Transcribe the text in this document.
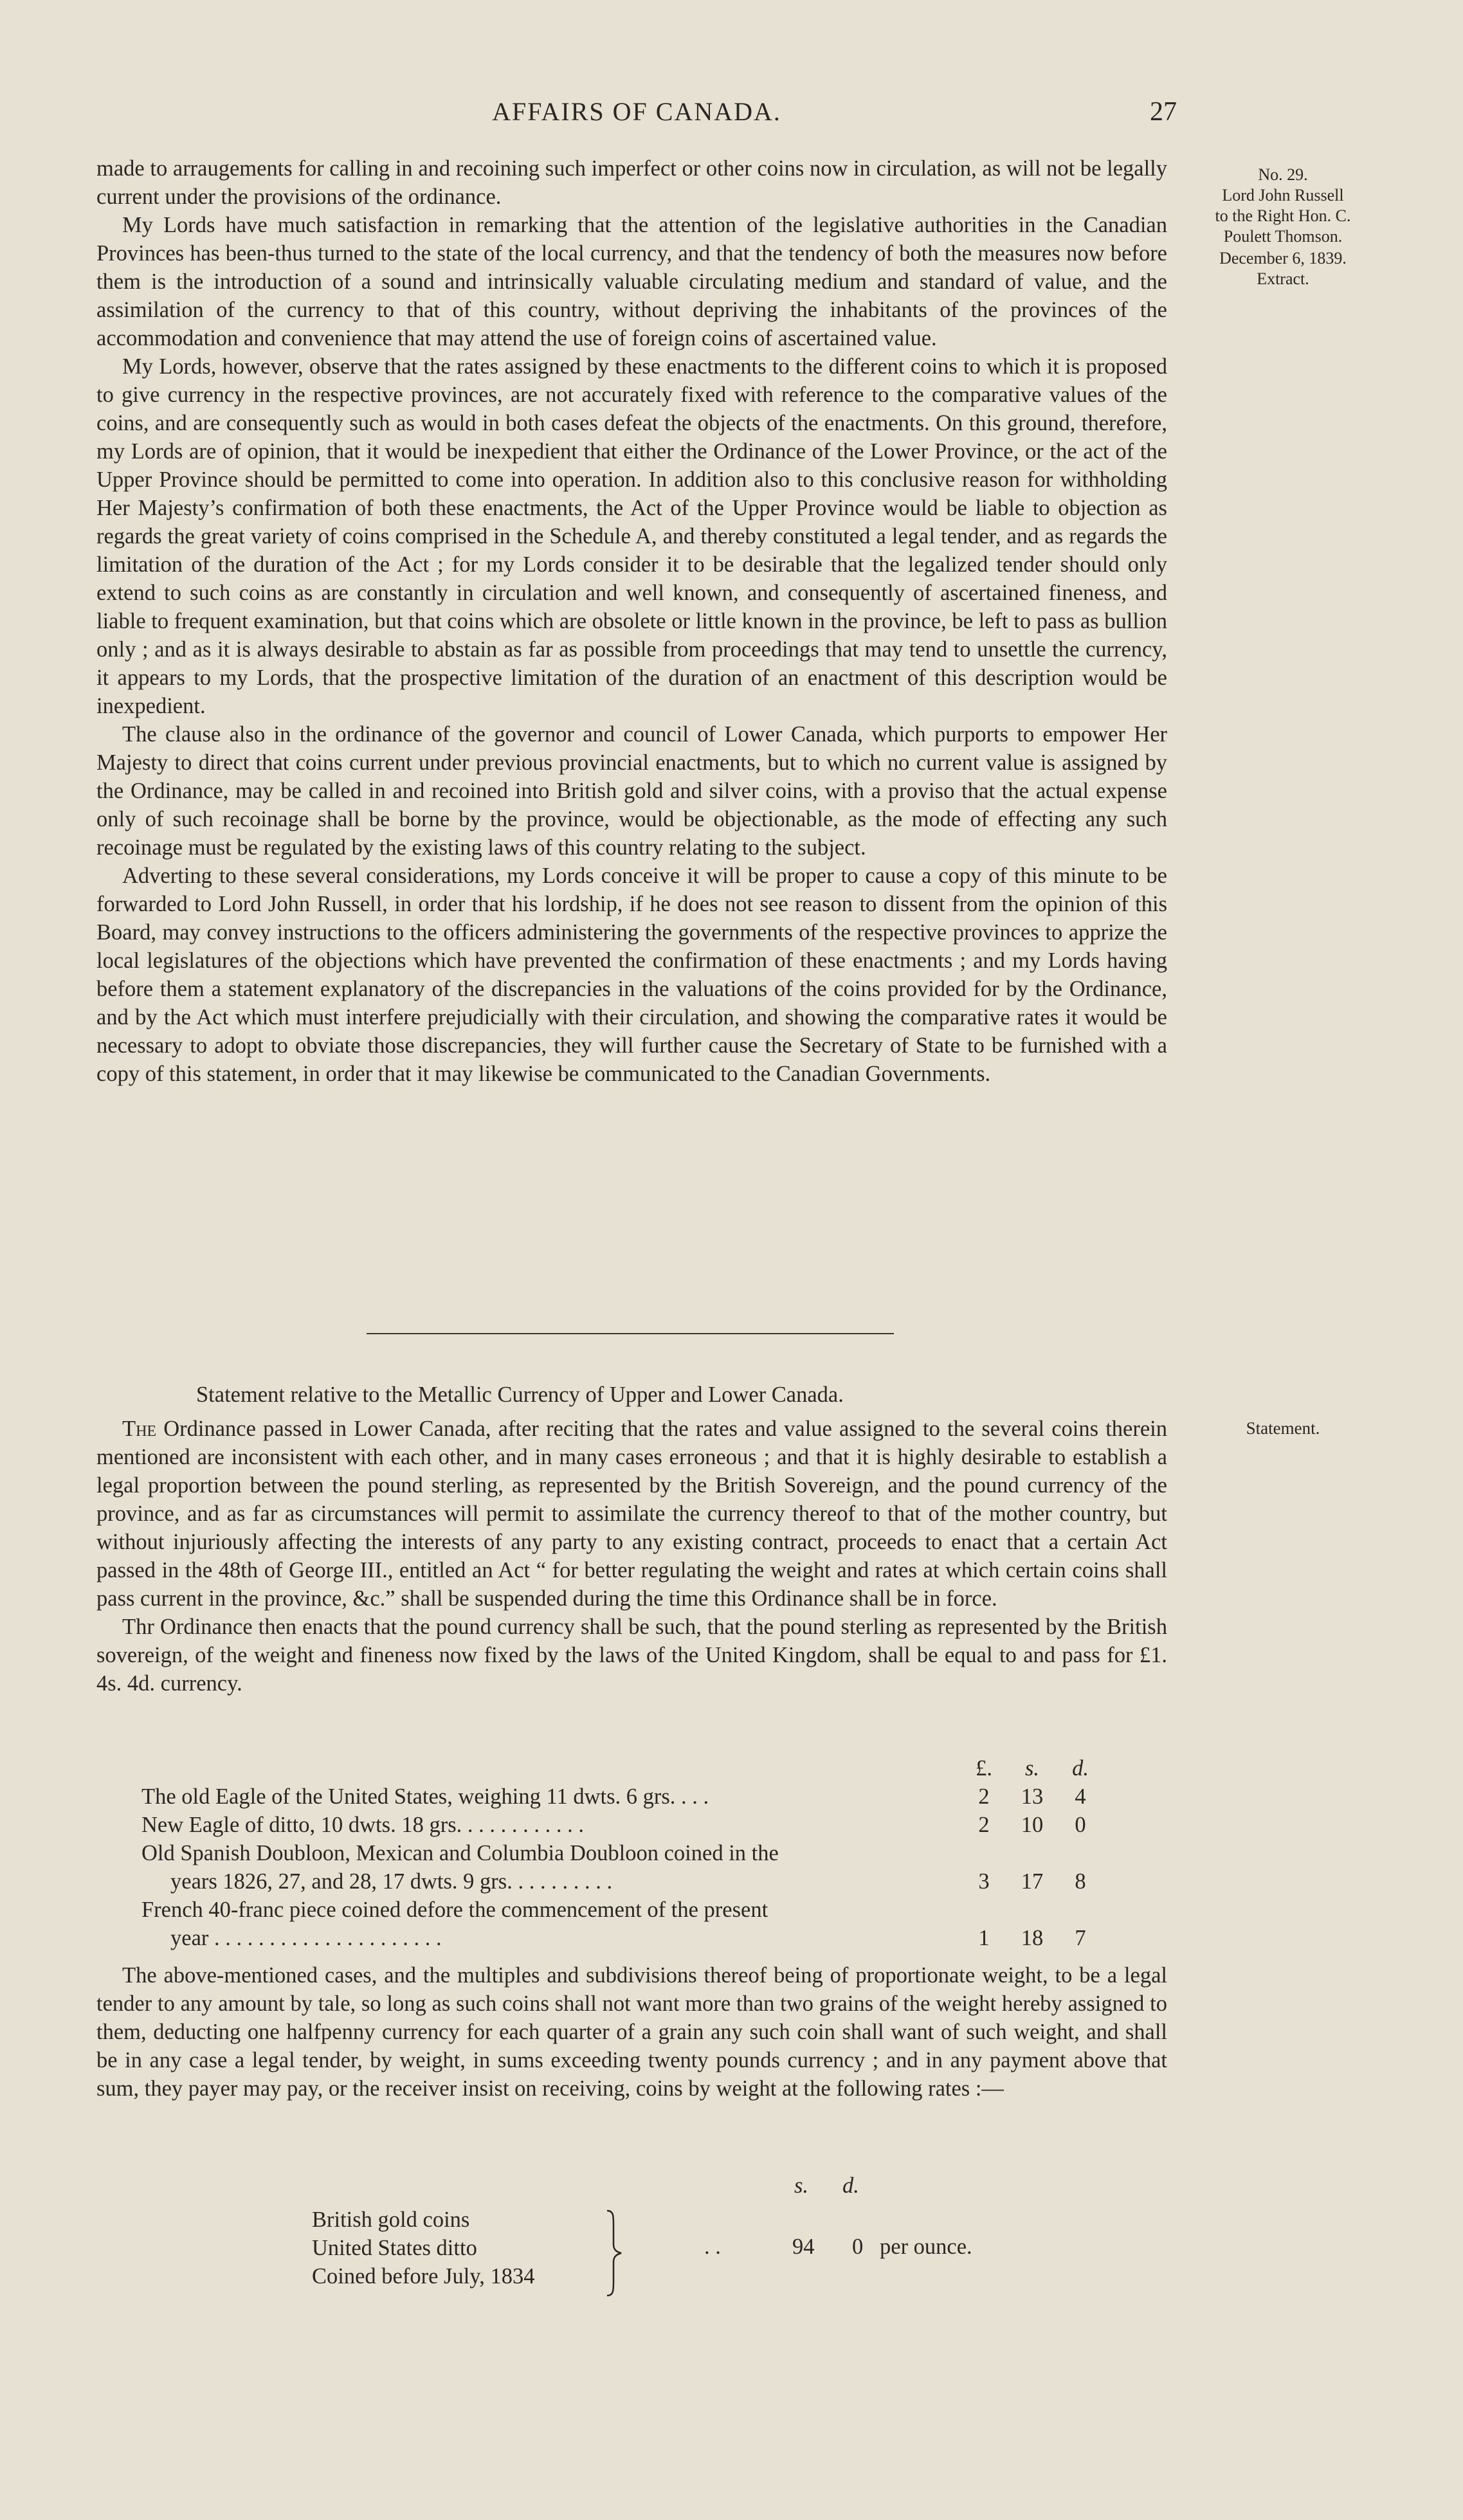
AFFAIRS OF CANADA.	27
No. 29.
Lord John Russell
to the Right Hon. C.
Poulett Thomson.
December 6, 1839.
Extract.

made to arraugements for calling in and recoining such imperfect or other coins now in circulation, as will not be legally current under the provisions of the ordinance.

My Lords have much satisfaction in remarking that the attention of the legislative authorities in the Canadian Provinces has been-thus turned to the state of the local currency, and that the tendency of both the measures now before them is the introduction of a sound and intrinsically valuable circulating medium and standard of value, and the assimilation of the currency to that of this country, without depriving the inhabitants of the provinces of the accommodation and convenience that may attend the use of foreign coins of ascertained value.

My Lords, however, observe that the rates assigned by these enactments to the different coins to which it is proposed to give currency in the respective provinces, are not accurately fixed with reference to the comparative values of the coins, and are consequently such as would in both cases defeat the objects of the enactments. On this ground, therefore, my Lords are of opinion, that it would be inexpedient that either the Ordinance of the Lower Province, or the act of the Upper Province should be permitted to come into operation. In addition also to this conclusive reason for withholding Her Majesty’s confirmation of both these enactments, the Act of the Upper Province would be liable to objection as regards the great variety of coins comprised in the Schedule A, and thereby constituted a legal tender, and as regards the limitation of the duration of the Act ; for my Lords consider it to be desirable that the legalized tender should only extend to such coins as are constantly in circulation and well known, and consequently of ascertained fineness, and liable to frequent examination, but that coins which are obsolete or little known in the province, be left to pass as bullion only ; and as it is always desirable to abstain as far as possible from proceedings that may tend to unsettle the currency, it appears to my Lords, that the prospective limitation of the duration of an enactment of this description would be inexpedient.

The clause also in the ordinance of the governor and council of Lower Canada, which purports to empower Her Majesty to direct that coins current under previous provincial enactments, but to which no current value is assigned by the Ordinance, may be called in and recoined into British gold and silver coins, with a proviso that the actual expense only of such recoinage shall be borne by the province, would be objectionable, as the mode of effecting any such recoinage must be regulated by the existing laws of this country relating to the subject.

Adverting to these several considerations, my Lords conceive it will be proper to cause a copy of this minute to be forwarded to Lord John Russell, in order that his lordship, if he does not see reason to dissent from the opinion of this Board, may convey instructions to the officers administering the governments of the respective provinces to apprize the local legislatures of the objections which have prevented the confirmation of these enactments ; and my Lords having before them a statement explanatory of the discrepancies in the valuations of the coins provided for by the Ordinance, and by the Act which must interfere prejudicially with their circulation, and showing the comparative rates it would be necessary to adopt to obviate those discrepancies, they will further cause the Secretary of State to be furnished with a copy of this statement, in order that it may likewise be communicated to the Canadian Governments.

Statement relative to the Metallic Currency of Upper and Lower Canada.
Statement.

The Ordinance passed in Lower Canada, after reciting that the rates and value assigned to the several coins therein mentioned are inconsistent with each other, and in many cases erroneous ; and that it is highly desirable to establish a legal proportion between the pound sterling, as represented by the British Sovereign, and the pound currency of the province, and as far as circumstances will permit to assimilate the currency thereof to that of the mother country, but without injuriously affecting the interests of any party to any existing contract, proceeds to enact that a certain Act passed in the 48th of George III., entitled an Act “ for better regulating the weight and rates at which certain coins shall pass current in the province, &c.” shall be suspended during the time this Ordinance shall be in force.

Thr Ordinance then enacts that the pound currency shall be such, that the pound sterling as represented by the British sovereign, of the weight and fineness now fixed by the laws of the United Kingdom, shall be equal to and pass for £1. 4s. 4d. currency.

£.	s.	d.
The old Eagle of the United States, weighing 11 dwts. 6 grs. . . .	2	13	4
New Eagle of ditto, 10 dwts. 18 grs. . . . . . . . . . . .	2	10	0
Old Spanish Doubloon, Mexican and Columbia Doubloon coined in the
years 1826, 27, and 28, 17 dwts. 9 grs. . . . . . . . . .	3	17	8
French 40-franc piece coined defore the commencement of the present
year . . . . . . . . . . . . . . . . . . . . .	1	18	7

The above-mentioned cases, and the multiples and subdivisions thereof being of proportionate weight, to be a legal tender to any amount by tale, so long as such coins shall not want more than two grains of the weight hereby assigned to them, deducting one halfpenny currency for each quarter of a grain any such coin shall want of such weight, and shall be in any case a legal tender, by weight, in sums exceeding twenty pounds currency ; and in any payment above that sum, they payer may pay, or the receiver insist on receiving, coins by weight at the following rates :—

s. d.
British gold coins
United States ditto
Coined before July, 1834
. .	94 0 per ounce.
